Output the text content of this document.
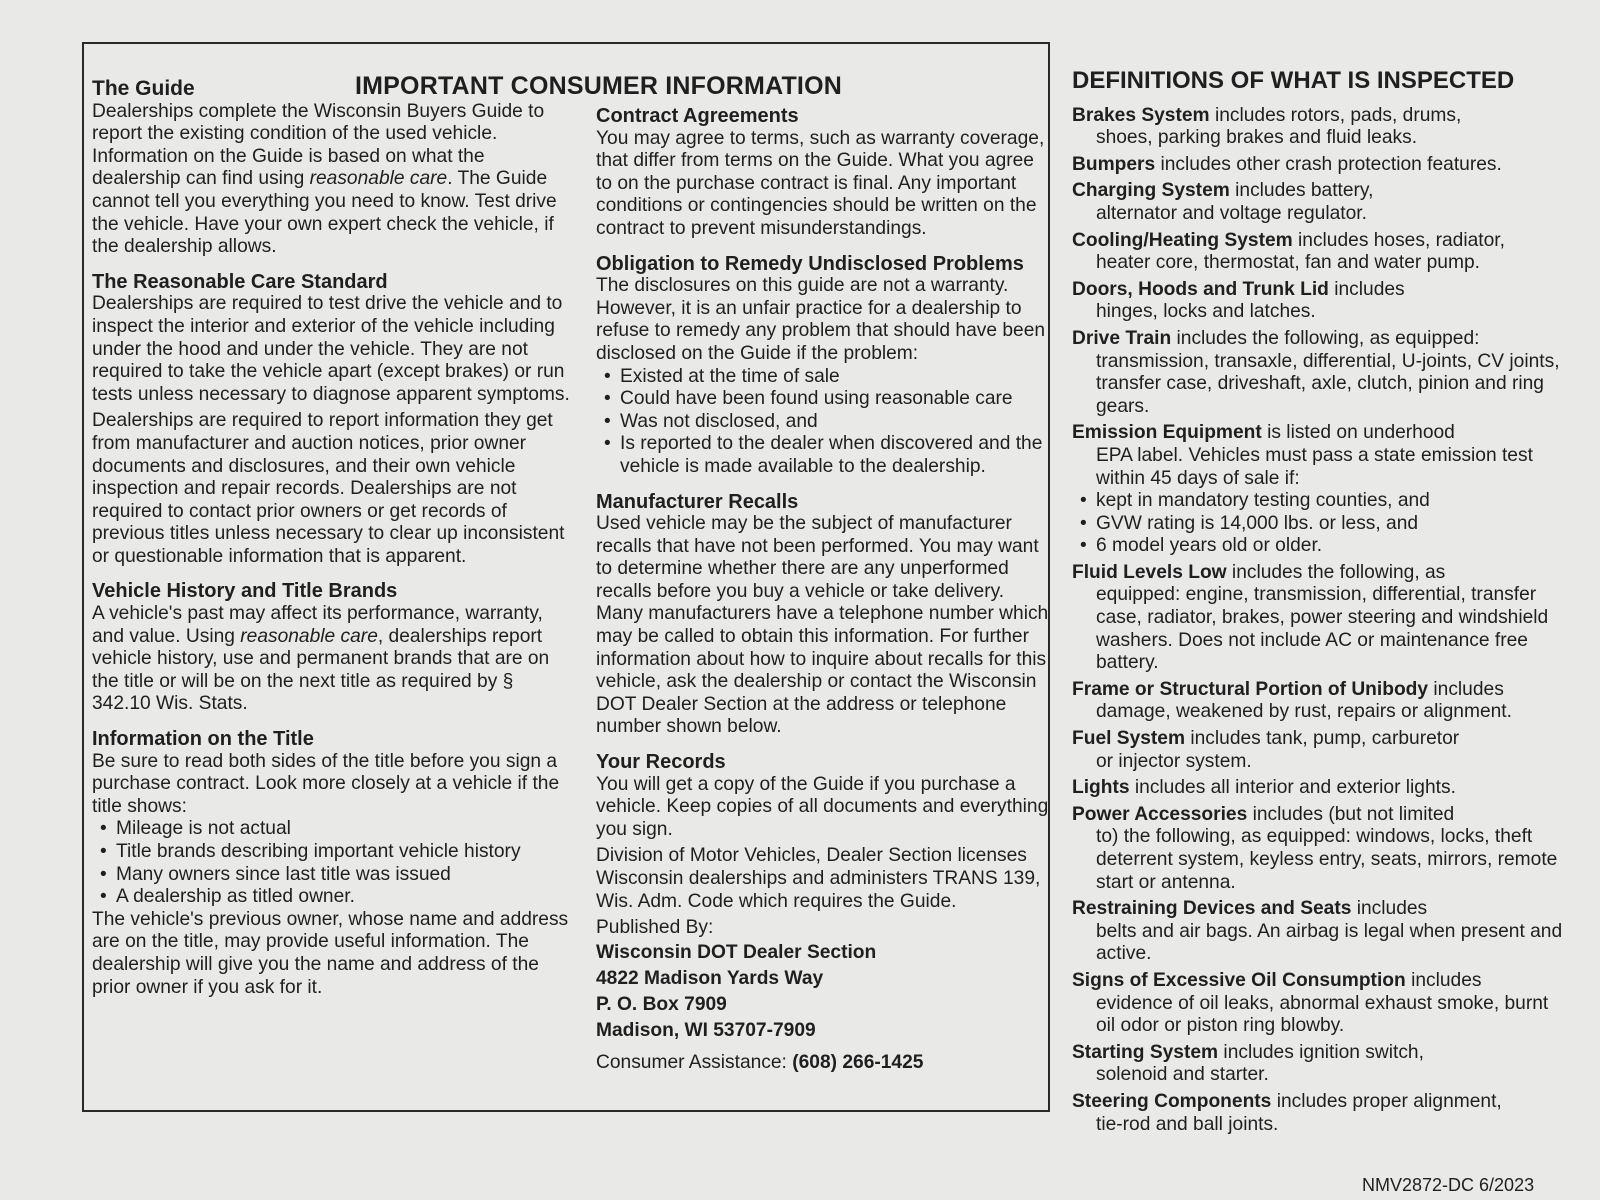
IMPORTANT CONSUMER INFORMATION
The Guide

Dealerships complete the Wisconsin Buyers Guide to report the existing condition of the used vehicle. Information on the Guide is based on what the dealership can find using reasonable care. The Guide cannot tell you everything you need to know. Test drive the vehicle. Have your own expert check the vehicle, if the dealership allows.

The Reasonable Care Standard

Dealerships are required to test drive the vehicle and to inspect the interior and exterior of the vehicle including under the hood and under the vehicle. They are not required to take the vehicle apart (except brakes) or run tests unless necessary to diagnose apparent symptoms.

Dealerships are required to report information they get from manufacturer and auction notices, prior owner documents and disclosures, and their own vehicle inspection and repair records. Dealerships are not required to contact prior owners or get records of previous titles unless necessary to clear up inconsistent or questionable information that is apparent.

Vehicle History and Title Brands

A vehicle's past may affect its performance, warranty, and value. Using reasonable care, dealerships report vehicle history, use and permanent brands that are on the title or will be on the next title as required by § 342.10 Wis. Stats.

Information on the Title

Be sure to read both sides of the title before you sign a purchase contract. Look more closely at a vehicle if the title shows:

• Mileage is not actual
• Title brands describing important vehicle history
• Many owners since last title was issued
• A dealership as titled owner.

The vehicle's previous owner, whose name and address are on the title, may provide useful information. The dealership will give you the name and address of the prior owner if you ask for it.

Contract Agreements

You may agree to terms, such as warranty coverage, that differ from terms on the Guide. What you agree to on the purchase contract is final. Any important conditions or contingencies should be written on the contract to prevent misunderstandings.

Obligation to Remedy Undisclosed Problems

The disclosures on this guide are not a warranty. However, it is an unfair practice for a dealership to refuse to remedy any problem that should have been disclosed on the Guide if the problem:

• Existed at the time of sale
• Could have been found using reasonable care
• Was not disclosed, and
• Is reported to the dealer when discovered and the vehicle is made available to the dealership.
Manufacturer Recalls

Used vehicle may be the subject of manufacturer recalls that have not been performed. You may want to determine whether there are any unperformed recalls before you buy a vehicle or take delivery. Many manufacturers have a telephone number which may be called to obtain this information. For further information about how to inquire about recalls for this vehicle, ask the dealership or contact the Wisconsin DOT Dealer Section at the address or telephone number shown below.

Your Records

You will get a copy of the Guide if you purchase a vehicle. Keep copies of all documents and everything you sign.

Division of Motor Vehicles, Dealer Section licenses Wisconsin dealerships and administers TRANS 139, Wis. Adm. Code which requires the Guide.

Published By:

Wisconsin DOT Dealer Section
4822 Madison Yards Way
P. O. Box 7909
Madison, WI 53707-7909

Consumer Assistance: (608) 266-1425

DEFINITIONS OF WHAT IS INSPECTED
Brakes System includes rotors, pads, drums,
shoes, parking brakes and fluid leaks.
Bumpers includes other crash protection features.
Charging System includes battery,
alternator and voltage regulator.
Cooling/Heating System includes hoses, radiator,
heater core, thermostat, fan and water pump.
Doors, Hoods and Trunk Lid includes
hinges, locks and latches.
Drive Train includes the following, as equipped:
transmission, transaxle, differential, U-joints, CV joints, transfer case, driveshaft, axle, clutch, pinion and ring gears.
Emission Equipment is listed on underhood
EPA label. Vehicles must pass a state emission test within 45 days of sale if:
• kept in mandatory testing counties, and
• GVW rating is 14,000 lbs. or less, and
• 6 model years old or older.
Fluid Levels Low includes the following, as
equipped: engine, transmission, differential, transfer case, radiator, brakes, power steering and windshield washers. Does not include AC or maintenance free battery.
Frame or Structural Portion of Unibody includes
damage, weakened by rust, repairs or alignment.
Fuel System includes tank, pump, carburetor
or injector system.
Lights includes all interior and exterior lights.
Power Accessories includes (but not limited
to) the following, as equipped: windows, locks, theft deterrent system, keyless entry, seats, mirrors, remote start or antenna.
Restraining Devices and Seats includes
belts and air bags. An airbag is legal when present and active.
Signs of Excessive Oil Consumption includes
evidence of oil leaks, abnormal exhaust smoke, burnt oil odor or piston ring blowby.
Starting System includes ignition switch,
solenoid and starter.
Steering Components includes proper alignment,
tie-rod and ball joints.
NMV2872-DC 6/2023
